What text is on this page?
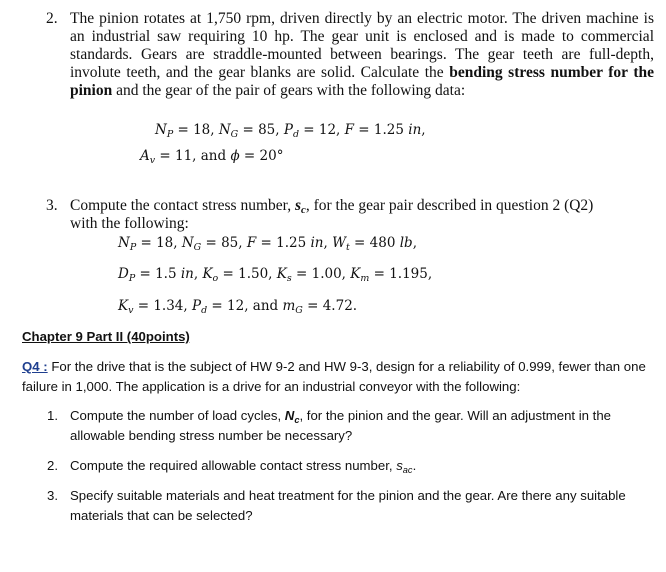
2. The pinion rotates at 1,750 rpm, driven directly by an electric motor. The driven machine is an industrial saw requiring 10 hp. The gear unit is enclosed and is made to commercial standards. Gears are straddle-mounted between bearings. The gear teeth are full-depth, involute teeth, and the gear blanks are solid. Calculate the bending stress number for the pinion and the gear of the pair of gears with the following data:
$N_P = 18$, $N_G = 85$, $P_d = 12$, F = 1.25 in,
$A_v = 11$, and ϕ = 20°
3. Compute the contact stress number, $s_c$, for the gear pair described in question 2 (Q2)
with the following:
$N_P = 18$, $N_G = 85$, F = 1.25 in, $W_t = 480$ lb,
$D_P = 1.5$ in, $K_o = 1.50$, $K_s = 1.00$, $K_m = 1.195$,
$K_v = 1.34$, $P_d = 12$, and $m_G = 4.72$.
Chapter 9 Part II (40points)
Q4 : For the drive that is the subject of HW 9-2 and HW 9-3, design for a reliability of 0.999, fewer than one failure in 1,000. The application is a drive for an industrial conveyor with the following:
1. Compute the number of load cycles, $N_c$, for the pinion and the gear. Will an adjustment in the allowable bending stress number be necessary?
2. Compute the required allowable contact stress number, $s_{ac}$.
3. Specify suitable materials and heat treatment for the pinion and the gear. Are there any suitable materials that can be selected?
